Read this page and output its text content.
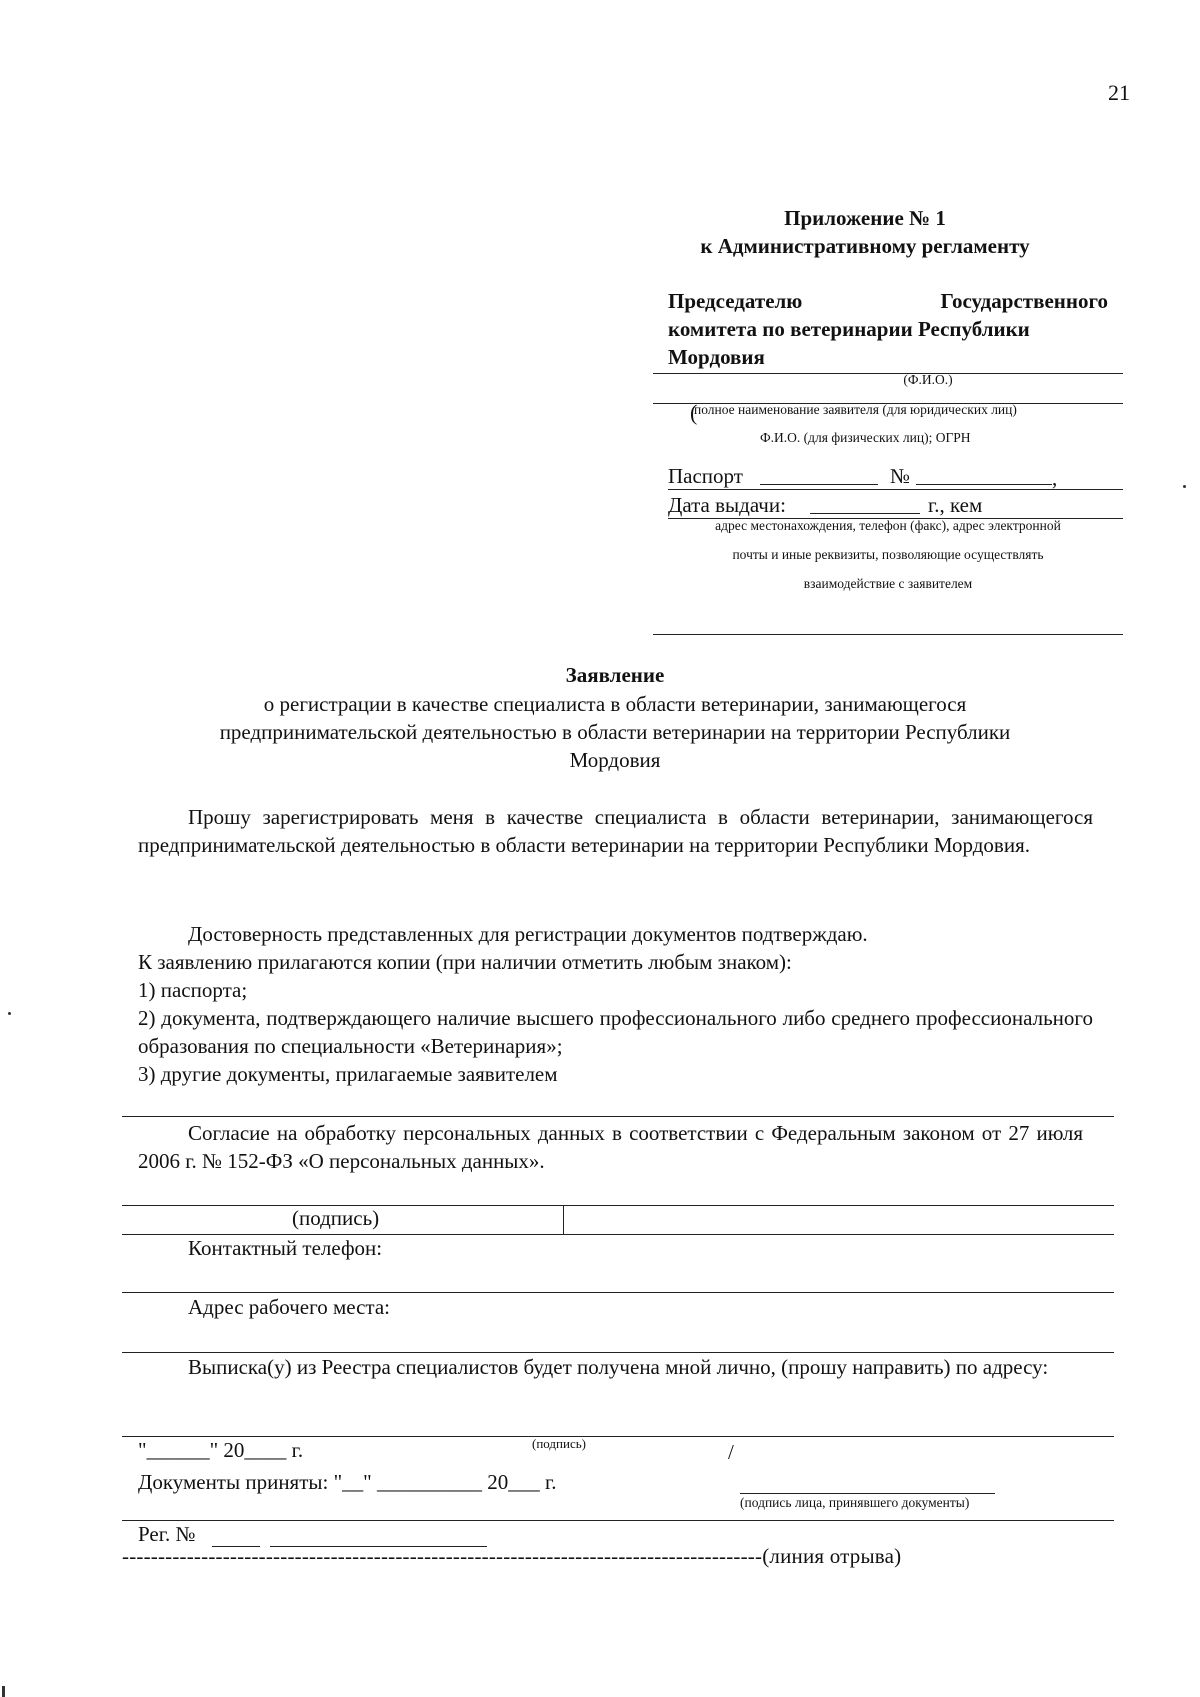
21
Приложение № 1
к Административному регламенту
Председателю	Государственного
комитета по ветеринарии Республики
Мордовия
(Ф.И.О.)
полное наименование заявителя (для юридических лиц)
(
Ф.И.О. (для физических лиц); ОГРН
Паспорт	№	,
Дата выдачи:	г., кем
адрес местонахождения, телефон (факс), адрес электронной
почты и иные реквизиты, позволяющие осуществлять
взаимодействие с заявителем
Заявление
о регистрации в качестве специалиста в области ветеринарии, занимающегося
предпринимательской деятельностью в области ветеринарии на территории Республики
Мордовия
Прошу зарегистрировать меня в качестве специалиста в области ветеринарии, занимающегося предпринимательской деятельностью в области ветеринарии на территории Республики Мордовия.
Достоверность представленных для регистрации документов подтверждаю.
К заявлению прилагаются копии (при наличии отметить любым знаком):
1) паспорта;
2) документа, подтверждающего наличие высшего профессионального либо среднего профессионального образования по специальности «Ветеринария»;
3) другие документы, прилагаемые заявителем
Согласие на обработку персональных данных в соответствии с Федеральным законом от 27 июля 2006 г. № 152-ФЗ «О персональных данных».
(подпись)
Контактный телефон:
Адрес рабочего места:
Выписка(у) из Реестра специалистов будет получена мной лично, (прошу направить) по адресу:
"______" 20____ г.	(подпись)	/
Документы приняты: "__" __________ 20___ г.
(подпись лица, принявшего документы)
Рег. №
-----------------------------------------------------------------------------------------(линия отрыва)
